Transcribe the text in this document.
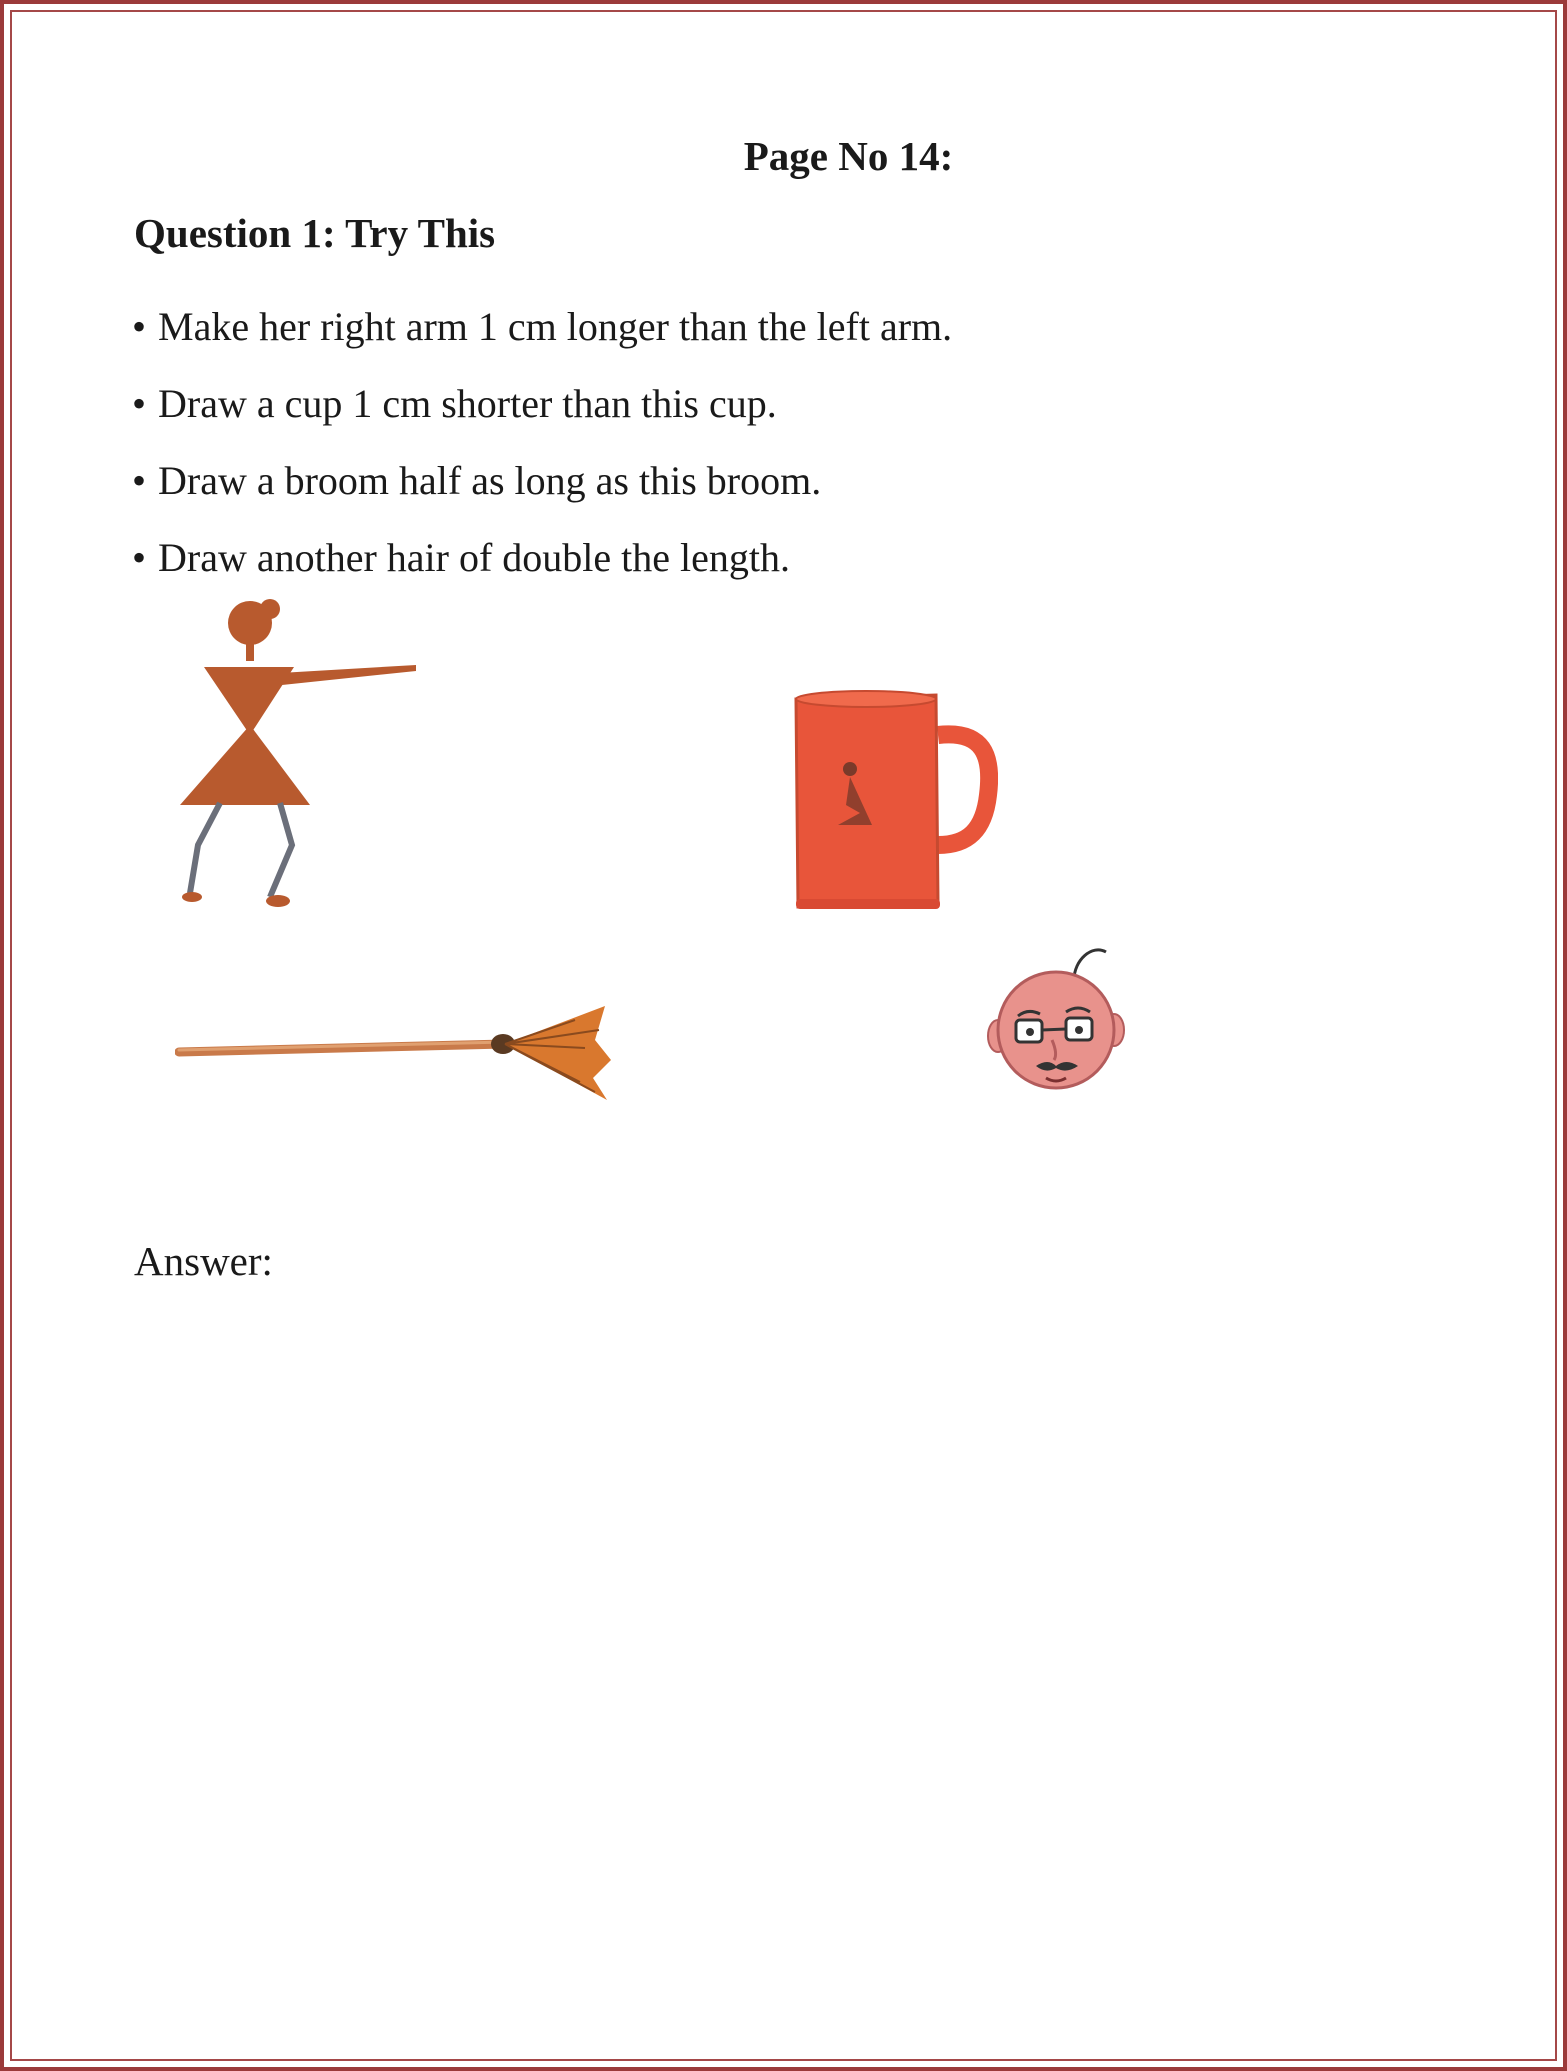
Page No 14:
Question 1: Try This
• Make her right arm 1 cm longer than the left arm.
• Draw a cup 1 cm shorter than this cup.
• Draw a broom half as long as this broom.
• Draw another hair of double the length.
Answer:
